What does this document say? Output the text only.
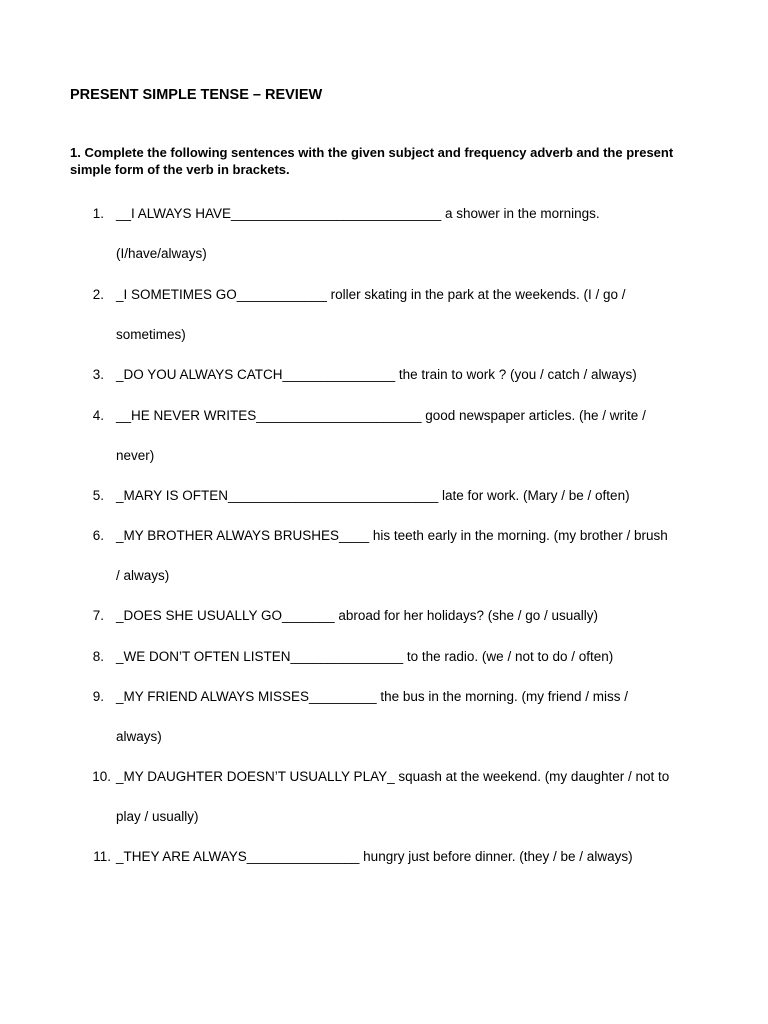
PRESENT SIMPLE TENSE – REVIEW
1. Complete the following sentences with the given subject and frequency adverb and the present simple form of the verb in brackets.
1. __I ALWAYS HAVE____________________________ a shower in the mornings.
(I/have/always)
2. _I SOMETIMES GO____________ roller skating in the park at the weekends. (I / go /
sometimes)
3. _DO YOU ALWAYS CATCH_______________ the train to work ? (you / catch / always)
4. __HE NEVER WRITES______________________ good newspaper articles. (he / write /
never)
5. _MARY IS OFTEN____________________________ late for work. (Mary / be / often)
6. _MY BROTHER ALWAYS BRUSHES____ his teeth early in the morning. (my brother / brush
/ always)
7. _DOES SHE USUALLY GO_______ abroad for her holidays? (she / go / usually)
8. _WE DON’T OFTEN LISTEN_______________ to the radio. (we / not to do / often)
9. _MY FRIEND ALWAYS MISSES_________ the bus in the morning. (my friend / miss /
always)
10. _MY DAUGHTER DOESN’T USUALLY PLAY_ squash at the weekend. (my daughter / not to
play / usually)
11. _THEY ARE ALWAYS_______________ hungry just before dinner. (they / be / always)
